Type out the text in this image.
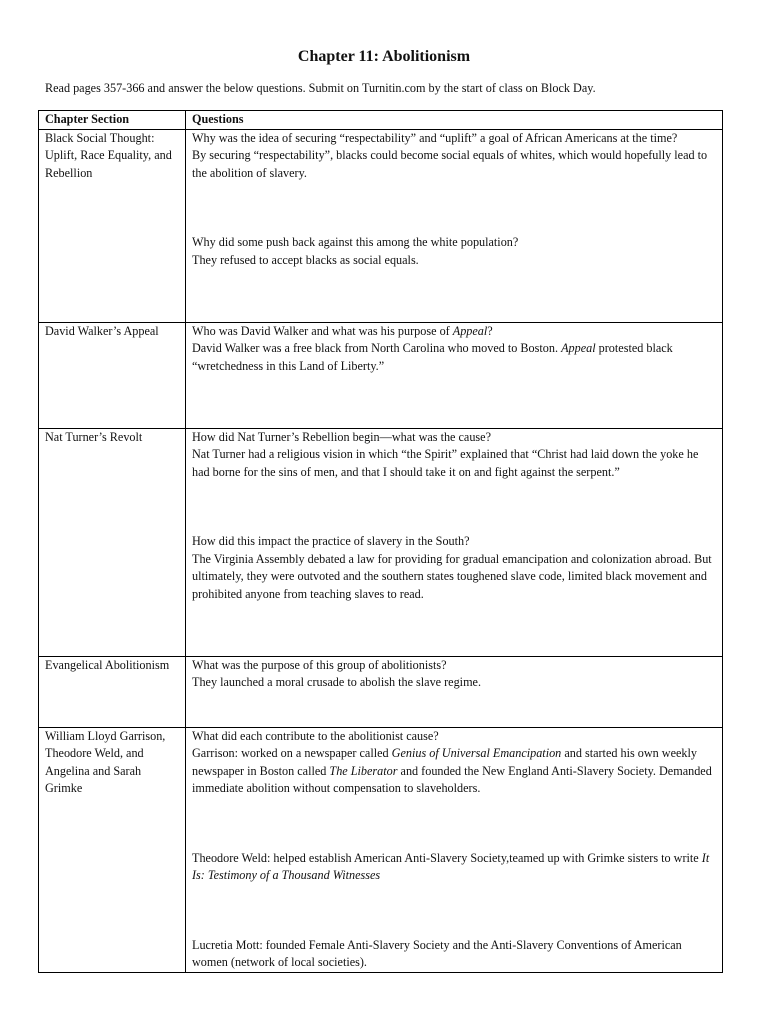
Chapter 11: Abolitionism
Read pages 357-366 and answer the below questions. Submit on Turnitin.com by the start of class on Block Day.
Chapter Section	Questions
Black Social Thought: Uplift, Race Equality, and Rebellion	Why was the idea of securing “respectability” and “uplift” a goal of African Americans at the time?
By securing “respectability”, blacks could become social equals of whites, which would hopefully lead to the abolition of slavery.
Why did some push back against this among the white population?
They refused to accept blacks as social equals.

David Walker’s Appeal	Who was David Walker and what was his purpose of Appeal?
David Walker was a free black from North Carolina who moved to Boston. Appeal protested black “wretchedness in this Land of Liberty.”

Nat Turner’s Revolt	How did Nat Turner’s Rebellion begin—what was the cause?
Nat Turner had a religious vision in which “the Spirit” explained that “Christ had laid down the yoke he had borne for the sins of men, and that I should take it on and fight against the serpent.”
How did this impact the practice of slavery in the South?
The Virginia Assembly debated a law for providing for gradual emancipation and colonization abroad. But ultimately, they were outvoted and the southern states toughened slave code, limited black movement and prohibited anyone from teaching slaves to read.

Evangelical Abolitionism	What was the purpose of this group of abolitionists?
They launched a moral crusade to abolish the slave regime.

William Lloyd Garrison, Theodore Weld, and Angelina and Sarah Grimke	What did each contribute to the abolitionist cause?
Garrison: worked on a newspaper called Genius of Universal Emancipation and started his own weekly newspaper in Boston called The Liberator and founded the New England Anti-Slavery Society. Demanded immediate abolition without compensation to slaveholders.
Theodore Weld: helped establish American Anti-Slavery Society,teamed up with Grimke sisters to write It Is: Testimony of a Thousand Witnesses
Lucretia Mott: founded Female Anti-Slavery Society and the Anti-Slavery Conventions of American women (network of local societies).
